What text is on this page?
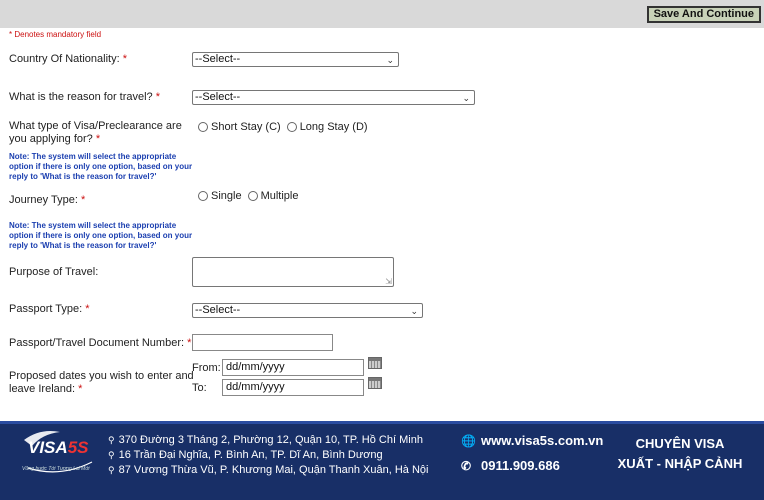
Save And Continue
* Denotes mandatory field
Country Of Nationality: *	--Select--	⌄
What is the reason for travel? *	--Select--	⌄
What type of Visa/Preclearance are
you applying for? *
Short Stay (C) Long Stay (D)
Note: The system will select the appropriate option if there is only one option, based on your reply to 'What is the reason for travel?'
Journey Type: *	Single Multiple
Note: The system will select the appropriate option if there is only one option, based on your reply to 'What is the reason for travel?'
Purpose of Travel:
⇲
Passport Type: *	--Select--	⌄
Passport/Travel Document Number: *
Proposed dates you wish to enter and
leave Ireland: *
From: dd/mm/yyyy
To:	dd/mm/yyyy
VISA5S
Vững bước Tới Tương Lai Mới
⚲ 370 Đường 3 Tháng 2, Phường 12, Quận 10, TP. Hồ Chí Minh
⚲ 16 Trần Đại Nghĩa, P. Bình An, TP. Dĩ An, Bình Dương
⚲ 87 Vương Thừa Vũ, P. Khương Mai, Quận Thanh Xuân, Hà Nội
🌐 www.visa5s.com.vn
✆ 0911.909.686
CHUYÊN VISA
XUẤT - NHẬP CẢNH
